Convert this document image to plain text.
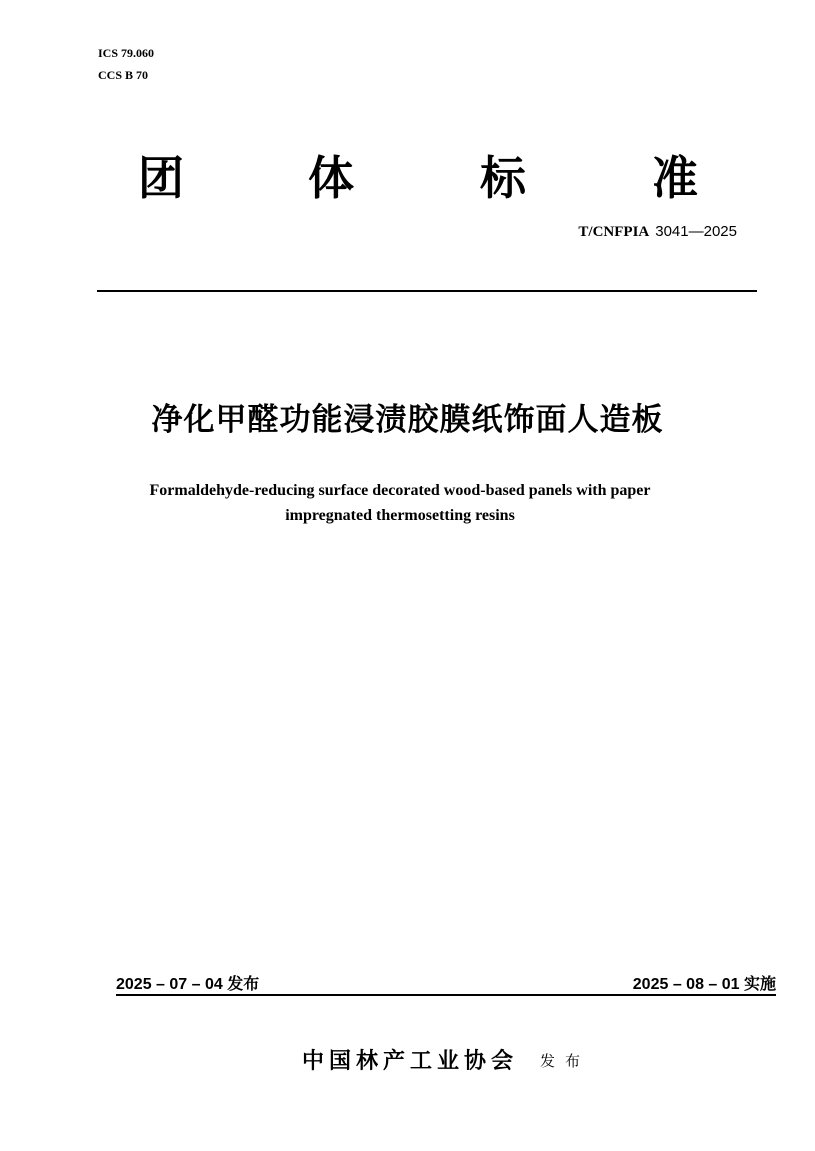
ICS 79.060
CCS B 70
团	体	标	准
T/CNFPIA 3041—2025
净化甲醛功能浸渍胶膜纸饰面人造板
Formaldehyde-reducing surface decorated wood-based panels with paper
impregnated thermosetting resins
2025 – 07 – 04 发布	2025 – 08 – 01 实施
中国林产工业协会 发布
